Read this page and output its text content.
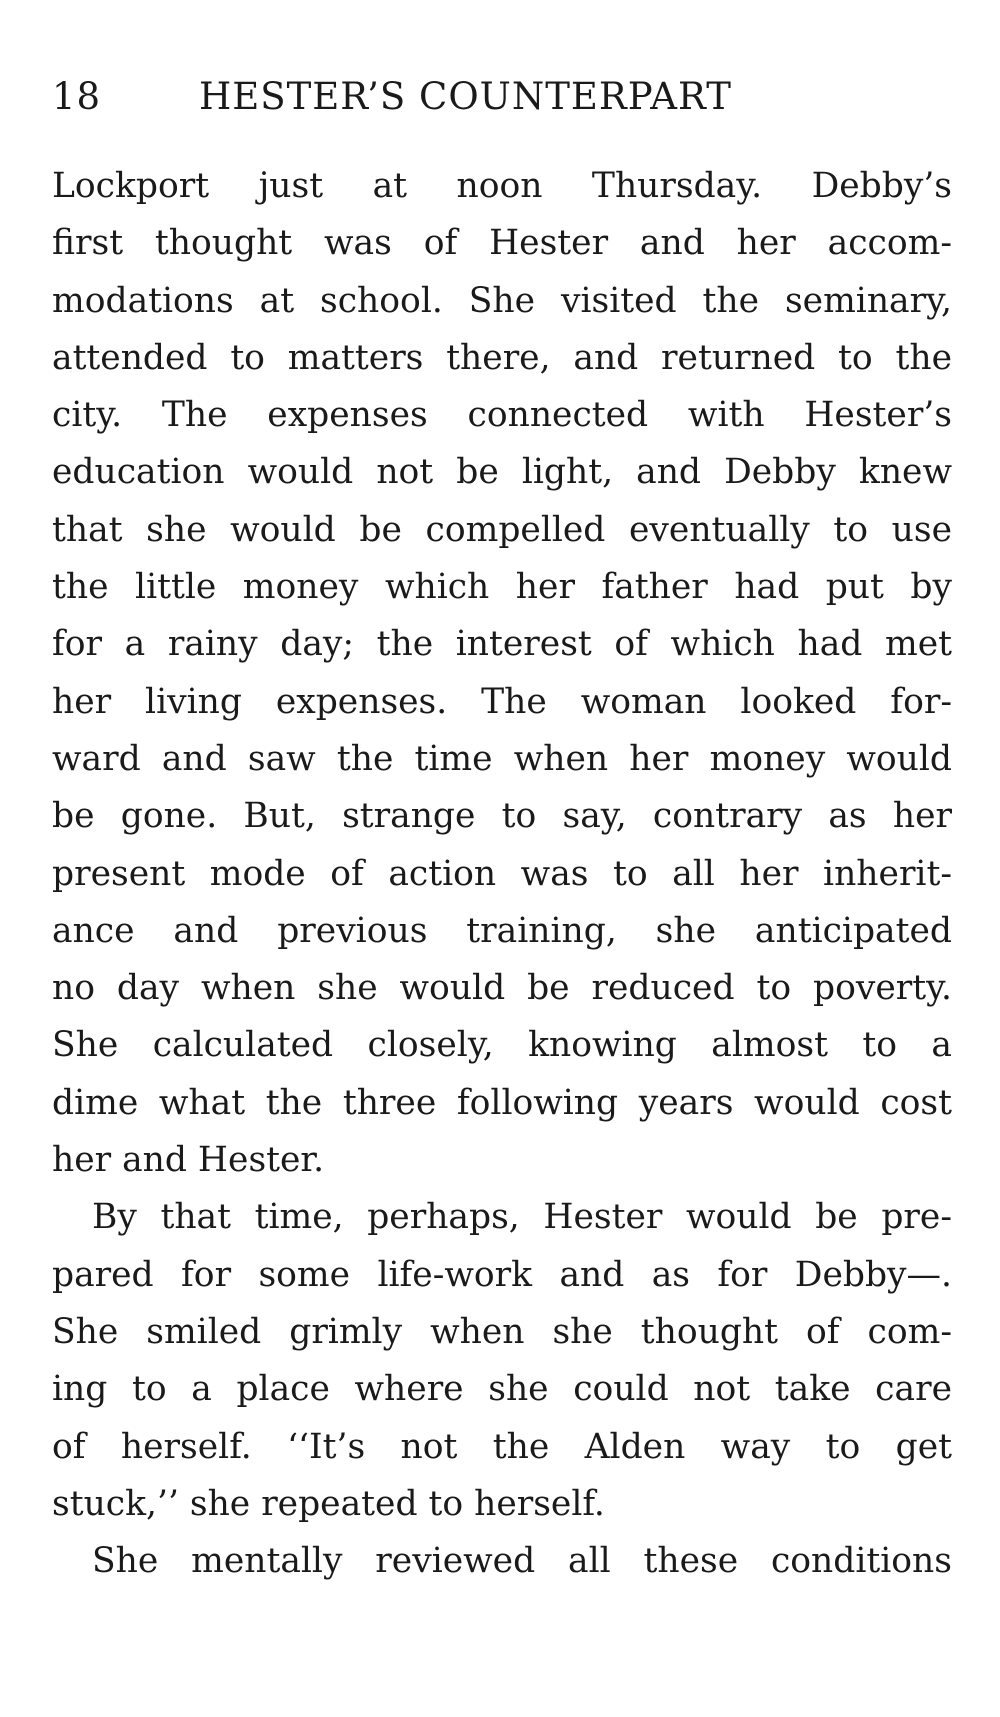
18	HESTER’S COUNTERPART
Lockport just at noon Thursday. Debby’s
first thought was of Hester and her accom-
modations at school. She visited the seminary,
attended to matters there, and returned to the
city. The expenses connected with Hester’s
education would not be light, and Debby knew
that she would be compelled eventually to use
the little money which her father had put by
for a rainy day; the interest of which had met
her living expenses. The woman looked for-
ward and saw the time when her money would
be gone. But, strange to say, contrary as her
present mode of action was to all her inherit-
ance and previous training, she anticipated
no day when she would be reduced to poverty.
She calculated closely, knowing almost to a
dime what the three following years would cost
her and Hester.
By that time, perhaps, Hester would be pre-
pared for some life-work and as for Debby—.
She smiled grimly when she thought of com-
ing to a place where she could not take care
of herself. ‘‘It’s not the Alden way to get
stuck,’’ she repeated to herself.
She mentally reviewed all these conditions
